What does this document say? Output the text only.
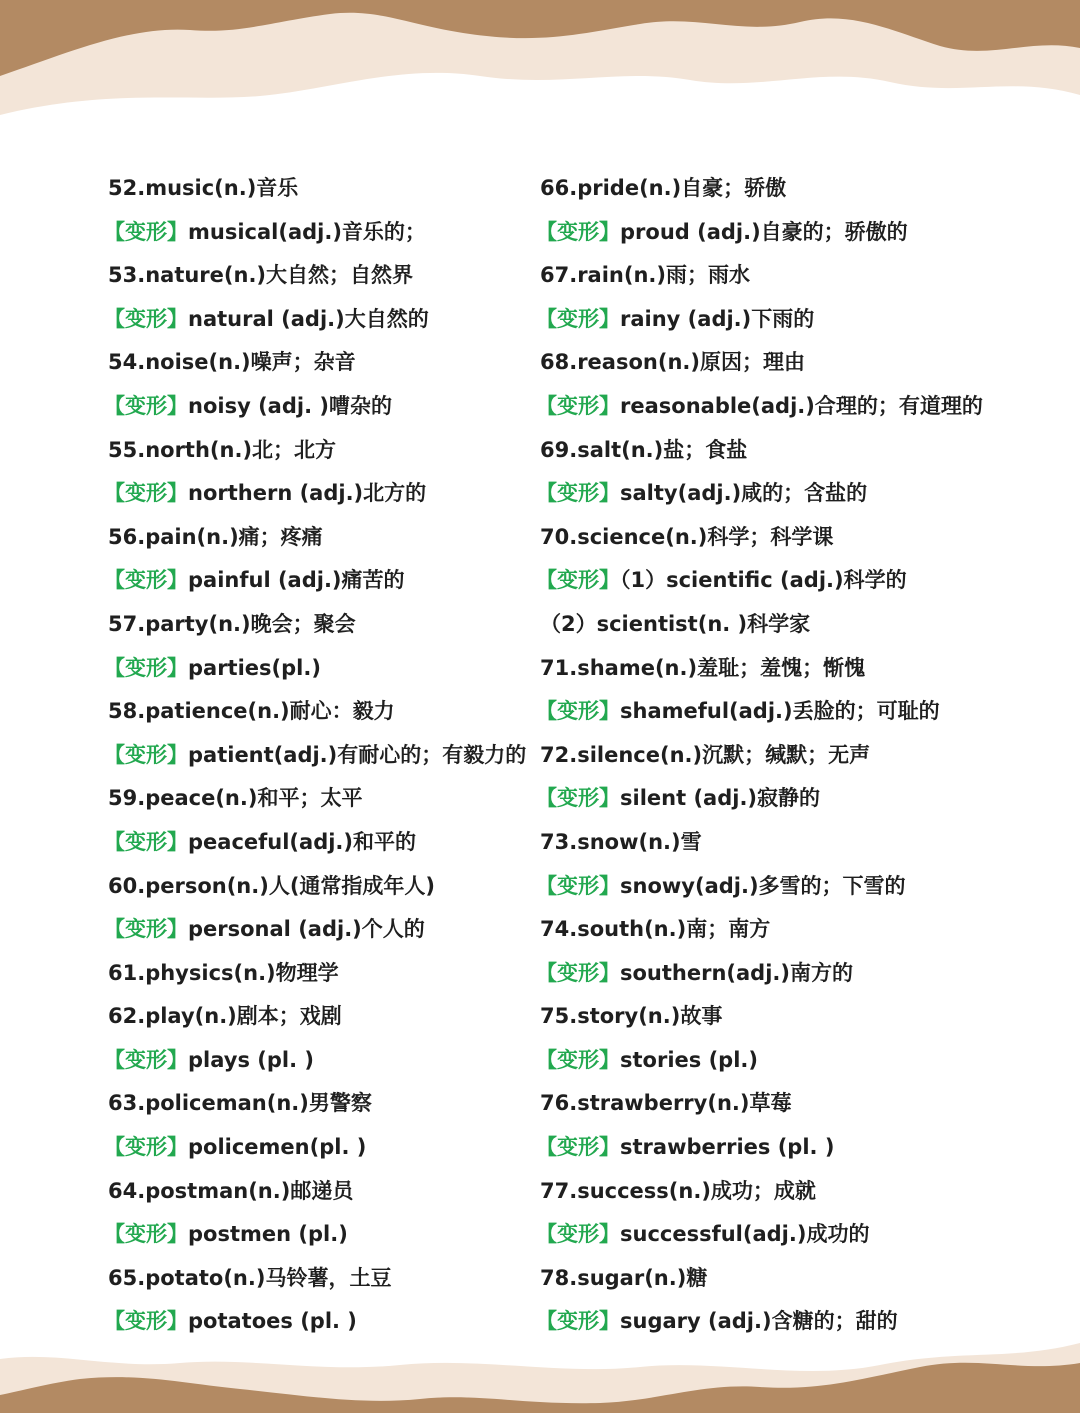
52.music(n.)音乐
【变形】musical(adj.)音乐的；
53.nature(n.)大自然；自然界
【变形】natural (adj.)大自然的
54.noise(n.)噪声；杂音
【变形】noisy (adj. )嘈杂的
55.north(n.)北；北方
【变形】northern (adj.)北方的
56.pain(n.)痛；疼痛
【变形】painful (adj.)痛苦的
57.party(n.)晚会；聚会
【变形】parties(pl.)
58.patience(n.)耐心：毅力
【变形】patient(adj.)有耐心的；有毅力的
59.peace(n.)和平；太平
【变形】peaceful(adj.)和平的
60.person(n.)人(通常指成年人)
【变形】personal (adj.)个人的
61.physics(n.)物理学
62.play(n.)剧本；戏剧
【变形】plays (pl. )
63.policeman(n.)男警察
【变形】policemen(pl. )
64.postman(n.)邮递员
【变形】postmen (pl.)
65.potato(n.)马铃薯，土豆
【变形】potatoes (pl. )
66.pride(n.)自豪；骄傲
【变形】proud (adj.)自豪的；骄傲的
67.rain(n.)雨；雨水
【变形】rainy (adj.)下雨的
68.reason(n.)原因；理由
【变形】reasonable(adj.)合理的；有道理的
69.salt(n.)盐；食盐
【变形】salty(adj.)咸的；含盐的
70.science(n.)科学；科学课
【变形】（1）scientific (adj.)科学的
（2）scientist(n. )科学家
71.shame(n.)羞耻；羞愧；惭愧
【变形】shameful(adj.)丢脸的；可耻的
72.silence(n.)沉默；缄默；无声
【变形】silent (adj.)寂静的
73.snow(n.)雪
【变形】snowy(adj.)多雪的；下雪的
74.south(n.)南；南方
【变形】southern(adj.)南方的
75.story(n.)故事
【变形】stories (pl.)
76.strawberry(n.)草莓
【变形】strawberries (pl. )
77.success(n.)成功；成就
【变形】successful(adj.)成功的
78.sugar(n.)糖
【变形】sugary (adj.)含糖的；甜的
